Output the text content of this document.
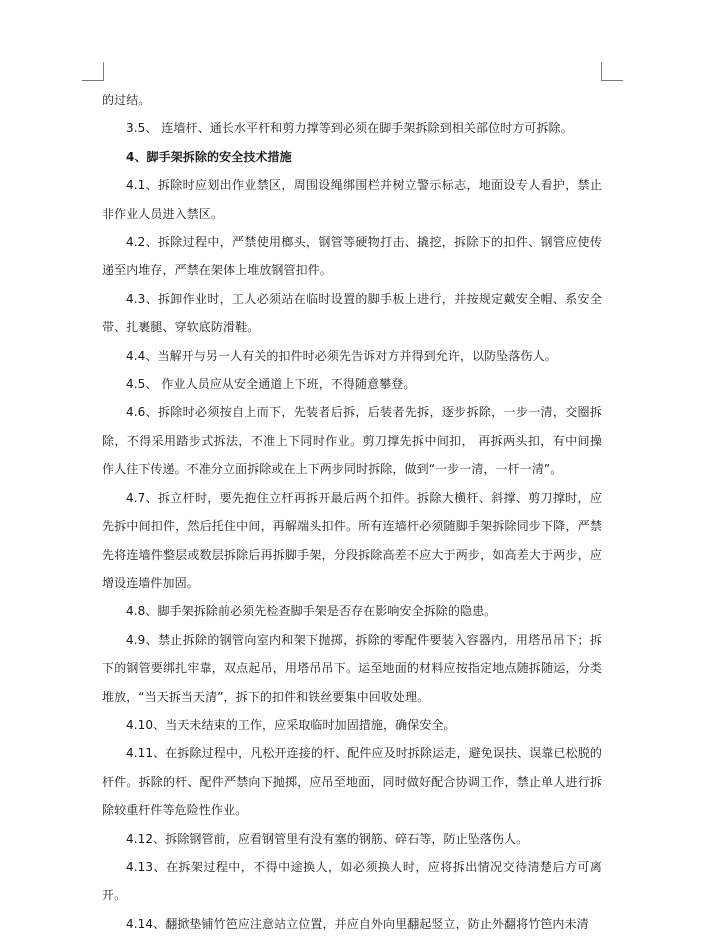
的过结。

3.5、 连墙杆、通长水平杆和剪力撑等到必须在脚手架拆除到相关部位时方可拆除。

4、脚手架拆除的安全技术措施

4.1、拆除时应划出作业禁区，周围设绳绑围栏并树立警示标志，地面设专人看护，禁止非作业人员进入禁区。

4.2、拆除过程中，严禁使用榔头，钢管等硬物打击、撬挖，拆除下的扣件、钢管应使传递至内堆存，严禁在架体上堆放钢管扣件。

4.3、拆卸作业时，工人必须站在临时设置的脚手板上进行，并按规定戴安全帽、系安全带、扎裹腿、穿软底防滑鞋。

4.4、当解开与另一人有关的扣件时必须先告诉对方并得到允许，以防坠落伤人。

4.5、 作业人员应从安全通道上下班，不得随意攀登。

4.6、拆除时必须按自上而下，先装者后拆，后装者先拆，逐步拆除，一步一清，交圈拆除，不得采用踏步式拆法，不准上下同时作业。剪刀撑先拆中间扣， 再拆两头扣，有中间操作人往下传递。不准分立面拆除或在上下两步同时拆除，做到“一步一清，一杆一清”。

4.7、拆立杆时，要先抱住立杆再拆开最后两个扣件。拆除大横杆、斜撑、剪刀撑时，应先拆中间扣件，然后托住中间，再解端头扣件。所有连墙杆必须随脚手架拆除同步下降，严禁先将连墙件整层或数层拆除后再拆脚手架，分段拆除高差不应大于两步，如高差大于两步，应增设连墙件加固。

4.8、脚手架拆除前必须先检查脚手架是否存在影响安全拆除的隐患。

4.9、禁止拆除的钢管向室内和架下抛掷，拆除的零配件要装入容器内，用塔吊吊下；拆下的钢管要绑扎牢靠，双点起吊，用塔吊吊下。运至地面的材料应按指定地点随拆随运，分类堆放，“当天拆当天清”，拆下的扣件和铁丝要集中回收处理。

4.10、当天未结束的工作，应采取临时加固措施，确保安全。

4.11、在拆除过程中，凡松开连接的杆、配件应及时拆除运走，避免误扶、误靠已松脱的杆件。拆除的杆、配件严禁向下抛掷，应吊至地面，同时做好配合协调工作，禁止单人进行拆除较重杆件等危险性作业。

4.12、拆除钢管前，应看钢管里有没有塞的钢筋、碎石等，防止坠落伤人。

4.13、在拆架过程中，不得中途换人，如必须换人时，应将拆出情况交待清楚后方可离开。

4.14、翻掀垫铺竹笆应注意站立位置，并应自外向里翻起竖立，防止外翻将竹笆内未清
